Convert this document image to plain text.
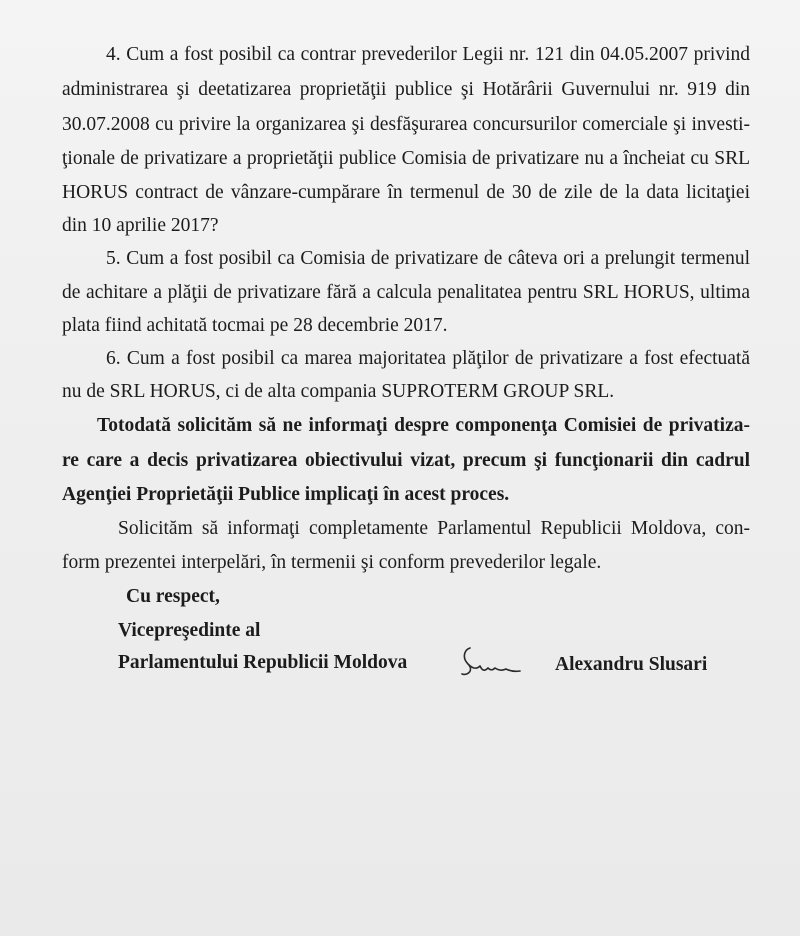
4. Cum a fost posibil ca contrar prevederilor Legii nr. 121 din 04.05.2007 privind

administrarea şi deetatizarea proprietăţii publice şi Hotărârii Guvernului nr. 919 din

30.07.2008 cu privire la organizarea şi desfăşurarea concursurilor comerciale şi investi-

ţionale de privatizare a proprietăţii publice Comisia de privatizare nu a încheiat cu SRL

HORUS contract de vânzare-cumpărare în termenul de 30 de zile de la data licitaţiei

din 10 aprilie 2017?

5. Cum a fost posibil ca Comisia de privatizare de câteva ori a prelungit termenul

de achitare a plăţii de privatizare fără a calcula penalitatea pentru SRL HORUS, ultima

plata fiind achitată tocmai pe 28 decembrie 2017.

6. Cum a fost posibil ca marea majoritatea plăţilor de privatizare a fost efectuată

nu de SRL HORUS, ci de alta compania SUPROTERM GROUP SRL.

Totodată solicităm să ne informaţi despre componenţa Comisiei de privatiza-

re care a decis privatizarea obiectivului vizat, precum şi funcţionarii din cadrul

Agenţiei Proprietăţii Publice implicaţi în acest proces.

Solicităm să informaţi completamente Parlamentul Republicii Moldova, con-

form prezentei interpelări, în termenii şi conform prevederilor legale.

Cu respect,

Vicepreşedinte al

Parlamentului Republicii Moldova	Alexandru Slusari
